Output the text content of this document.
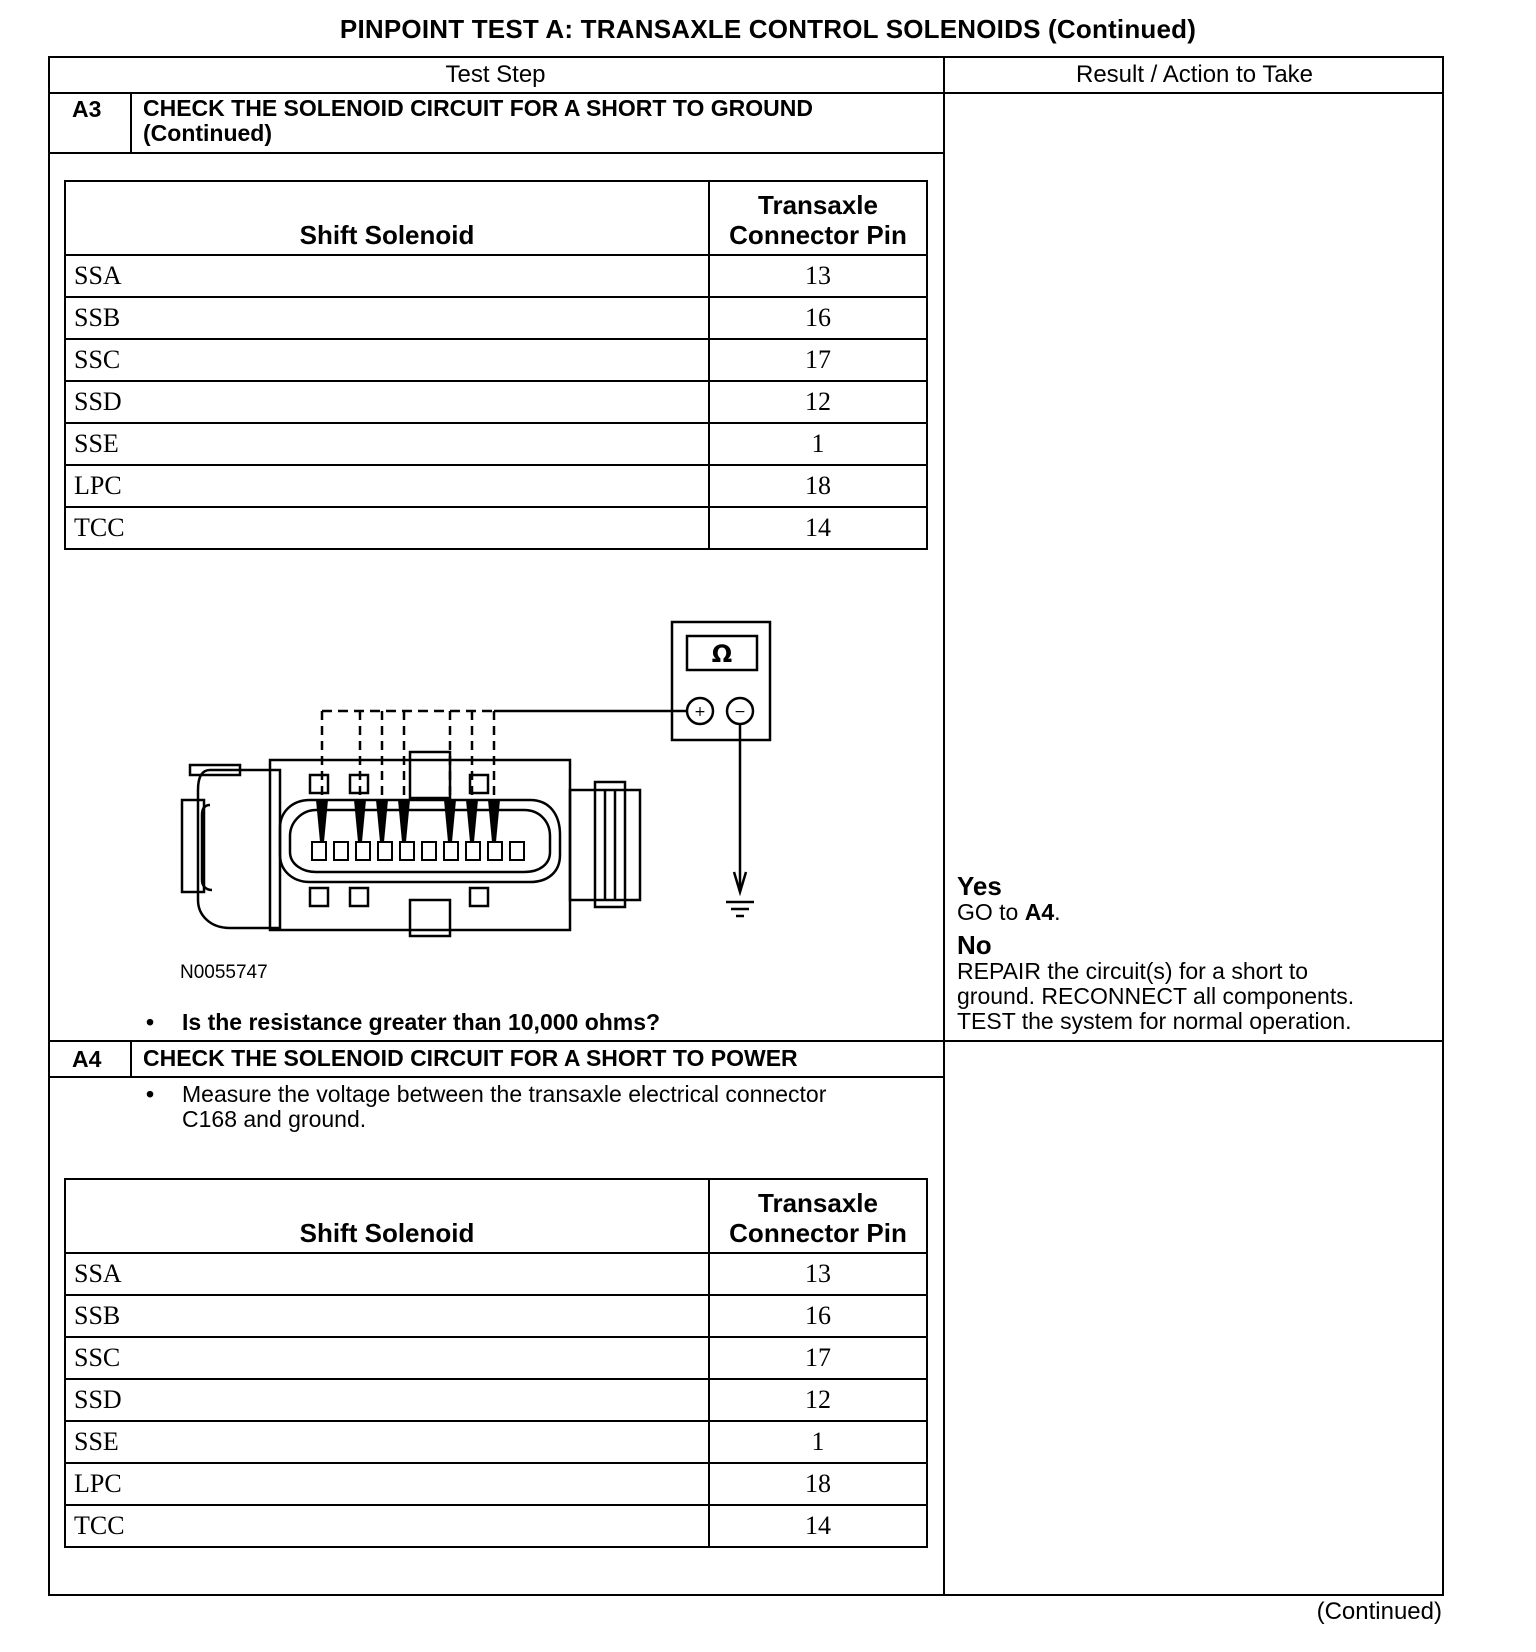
PINPOINT TEST A: TRANSAXLE CONTROL SOLENOIDS (Continued)
Test Step	Result / Action to Take
A3 CHECK THE SOLENOID CIRCUIT FOR A SHORT TO GROUND
(Continued)
Shift Solenoid	Transaxle
Connector Pin

SSA	13
SSB	16
SSC	17
SSD	12
SSE	1
LPC	18
TCC	14
Ω
+ −
N0055747
• Is the resistance greater than 10,000 ohms?
Yes
GO to A4.
No
REPAIR the circuit(s) for a short to
ground. RECONNECT all components.
TEST the system for normal operation.
A4 CHECK THE SOLENOID CIRCUIT FOR A SHORT TO POWER
• Measure the voltage between the transaxle electrical connector
C168 and ground.
Shift Solenoid	Transaxle
Connector Pin

SSA	13
SSB	16
SSC	17
SSD	12
SSE	1
LPC	18
TCC	14
(Continued)
